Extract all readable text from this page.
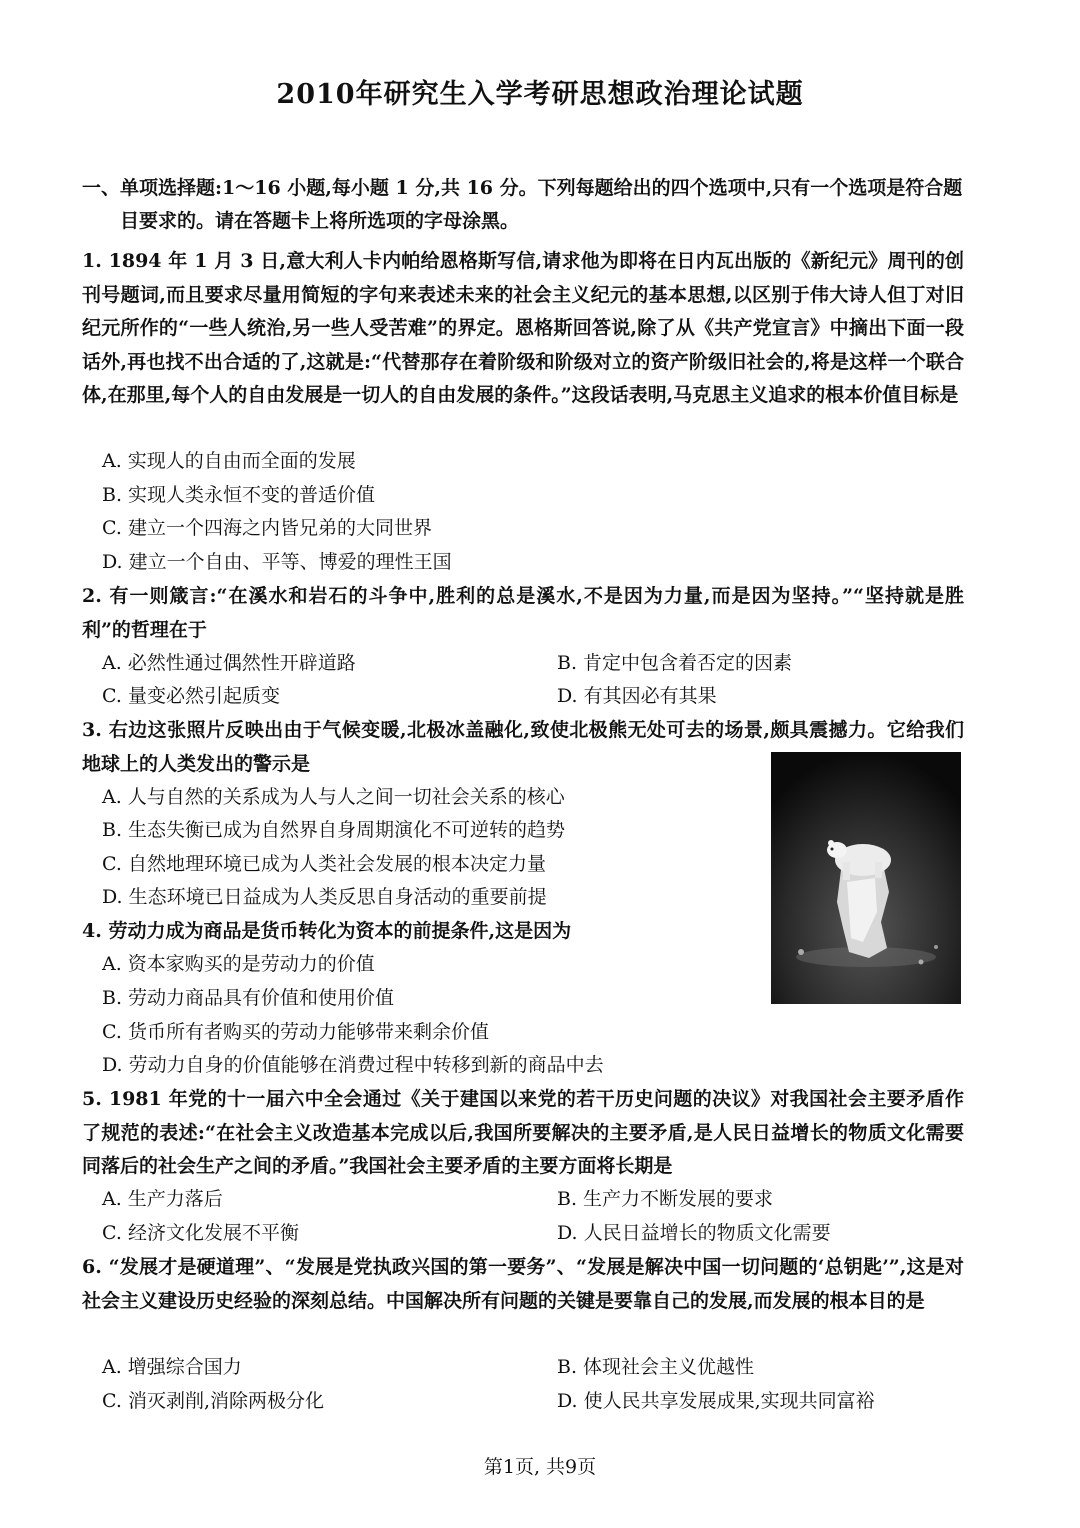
2010年研究生入学考研思想政治理论试题
一、单项选择题:1～16 小题,每小题 1 分,共 16 分。下列每题给出的四个选项中,只有一个选项是符合题目要求的。请在答题卡上将所选项的字母涂黑。
1. 1894 年 1 月 3 日,意大利人卡内帕给恩格斯写信,请求他为即将在日内瓦出版的《新纪元》周刊的创刊号题词,而且要求尽量用简短的字句来表述未来的社会主义纪元的基本思想,以区别于伟大诗人但丁对旧纪元所作的“一些人统治,另一些人受苦难”的界定。恩格斯回答说,除了从《共产党宣言》中摘出下面一段话外,再也找不出合适的了,这就是:“代替那存在着阶级和阶级对立的资产阶级旧社会的,将是这样一个联合体,在那里,每个人的自由发展是一切人的自由发展的条件。”这段话表明,马克思主义追求的根本价值目标是
A. 实现人的自由而全面的发展
B. 实现人类永恒不变的普适价值
C. 建立一个四海之内皆兄弟的大同世界
D. 建立一个自由、平等、博爱的理性王国
2. 有一则箴言:“在溪水和岩石的斗争中,胜利的总是溪水,不是因为力量,而是因为坚持。”“坚持就是胜利”的哲理在于
A. 必然性通过偶然性开辟道路	B. 肯定中包含着否定的因素
C. 量变必然引起质变	D. 有其因必有其果
3. 右边这张照片反映出由于气候变暖,北极冰盖融化,致使北极熊无处可去的场景,颇具震撼力。它给我们地球上的人类发出的警示是
A. 人与自然的关系成为人与人之间一切社会关系的核心
B. 生态失衡已成为自然界自身周期演化不可逆转的趋势
C. 自然地理环境已成为人类社会发展的根本决定力量
D. 生态环境已日益成为人类反思自身活动的重要前提
4. 劳动力成为商品是货币转化为资本的前提条件,这是因为
A. 资本家购买的是劳动力的价值
B. 劳动力商品具有价值和使用价值
C. 货币所有者购买的劳动力能够带来剩余价值
D. 劳动力自身的价值能够在消费过程中转移到新的商品中去
5. 1981 年党的十一届六中全会通过《关于建国以来党的若干历史问题的决议》对我国社会主要矛盾作了规范的表述:“在社会主义改造基本完成以后,我国所要解决的主要矛盾,是人民日益增长的物质文化需要同落后的社会生产之间的矛盾。”我国社会主要矛盾的主要方面将长期是
A. 生产力落后	B. 生产力不断发展的要求
C. 经济文化发展不平衡	D. 人民日益增长的物质文化需要
6. “发展才是硬道理”、“发展是党执政兴国的第一要务”、“发展是解决中国一切问题的‘总钥匙’”,这是对社会主义建设历史经验的深刻总结。中国解决所有问题的关键是要靠自己的发展,而发展的根本目的是
A. 增强综合国力	B. 体现社会主义优越性
C. 消灭剥削,消除两极分化	D. 使人民共享发展成果,实现共同富裕
第1页, 共9页
